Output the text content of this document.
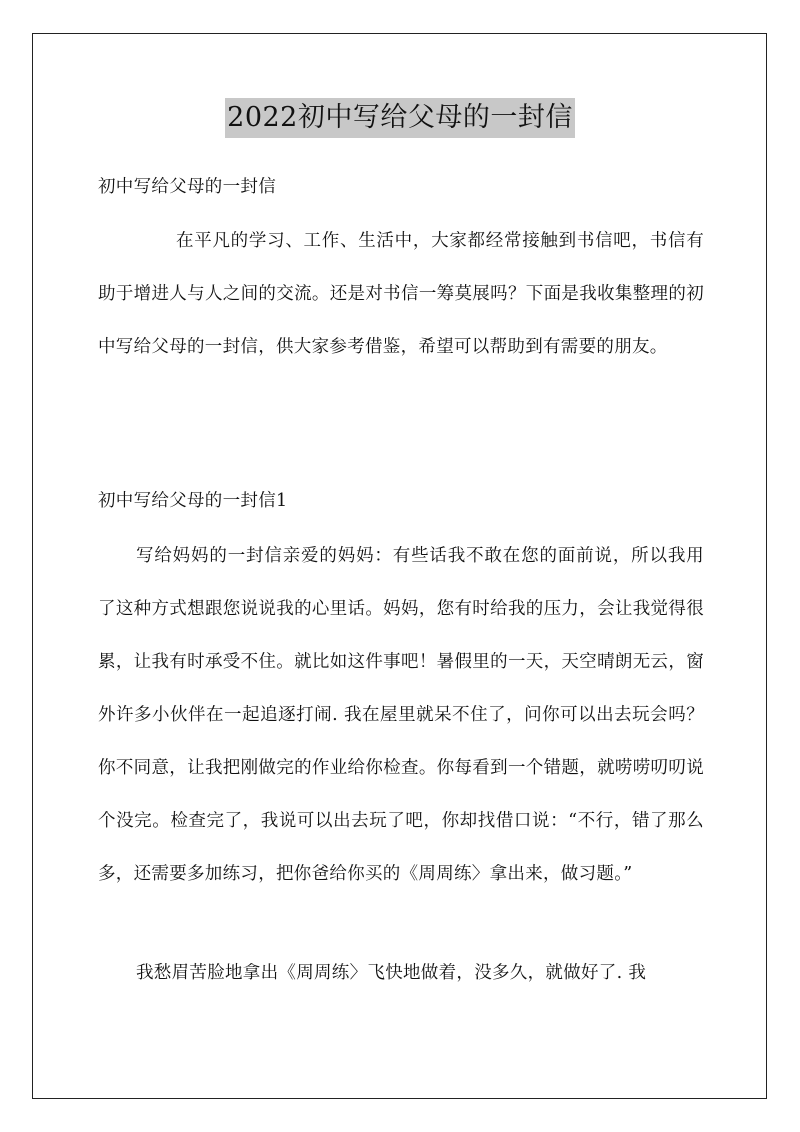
2022初中写给父母的一封信

初中写给父母的一封信

在平凡的学习、工作、生活中，大家都经常接触到书信吧，书信有助于增进人与人之间的交流。还是对书信一筹莫展吗？下面是我收集整理的初中写给父母的一封信，供大家参考借鉴，希望可以帮助到有需要的朋友。

初中写给父母的一封信1

写给妈妈的一封信亲爱的妈妈：有些话我不敢在您的面前说，所以我用了这种方式想跟您说说我的心里话。妈妈，您有时给我的压力，会让我觉得很累，让我有时承受不住。就比如这件事吧！暑假里的一天，天空晴朗无云，窗外许多小伙伴在一起追逐打闹. 我在屋里就呆不住了，问你可以出去玩会吗？你不同意，让我把刚做完的作业给你检查。你每看到一个错题，就唠唠叨叨说个没完。检查完了，我说可以出去玩了吧，你却找借口说：“不行，错了那么多，还需要多加练习，把你爸给你买的《周周练〉拿出来，做习题。”

我愁眉苦脸地拿出《周周练〉飞快地做着，没多久，就做好了. 我
